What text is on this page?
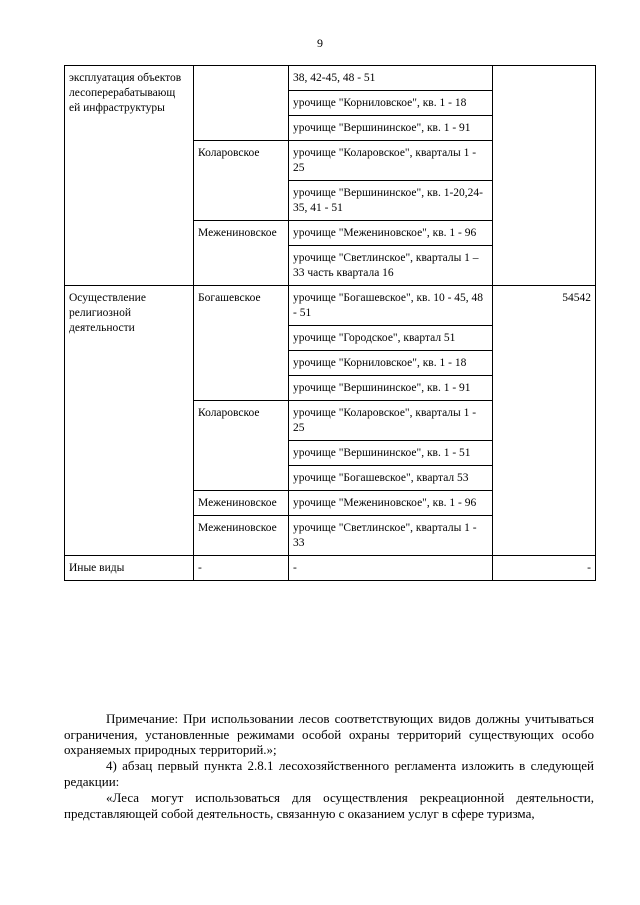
9
эксплуатация объектов лесоперерабатывающ ей инфраструктуры		38, 42-45, 48 - 51	
		урочище "Корниловское", кв. 1 - 18	
		урочище "Вершининское", кв. 1 - 91	
	Коларовское	урочище "Коларовское", кварталы 1 - 25	
		урочище "Вершининское", кв. 1-20,24-35, 41 - 51	
	Межениновское	урочище "Межениновское", кв. 1 - 96	
		урочище "Светлинское", кварталы 1 – 33 часть квартала 16	
Осуществление религиозной деятельности	Богашевское	урочище "Богашевское", кв. 10 - 45, 48 - 51	54542
		урочище "Городское", квартал 51	
		урочище "Корниловское", кв. 1 - 18	
		урочище "Вершининское", кв. 1 - 91	
	Коларовское	урочище "Коларовское", кварталы 1 - 25	
		урочище "Вершининское", кв. 1 - 51	
		урочище "Богашевское", квартал 53	
	Межениновское	урочище "Межениновское", кв. 1 - 96	
	Межениновское	урочище "Светлинское", кварталы 1 - 33	
Иные виды	-	-	-

Примечание: При использовании лесов соответствующих видов должны учитываться ограничения, установленные режимами особой охраны территорий существующих особо охраняемых природных территорий.»;

4) абзац первый пункта 2.8.1 лесохозяйственного регламента изложить в следующей редакции:

«Леса могут использоваться для осуществления рекреационной деятельности, представляющей собой деятельность, связанную с оказанием услуг в сфере туризма,
